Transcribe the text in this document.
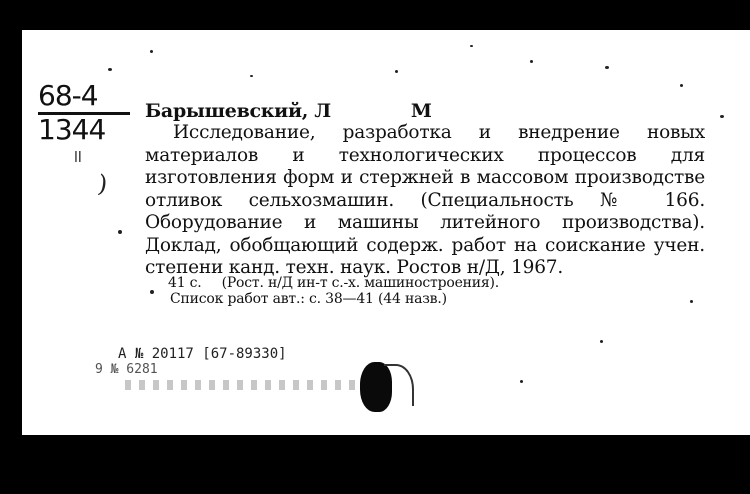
68-4
1344
ll
)
Барышевский, Л	М
Исследование, разработка и внедрение новых материалов и технологических процессов для изготовления форм и стержней в массовом производстве отливок сельхозмашин. (Специальность № 166. Оборудование и машины литейного производства). Доклад, обобщающий содерж. работ на соискание учен. степени канд. техн. наук. Ростов н/Д, 1967.
41 с. (Рост. н/Д ин-т с.-х. машиностроения).
Список работ авт.: с. 38—41 (44 назв.)
А № 20117 [67-89330]
9 № 6281
